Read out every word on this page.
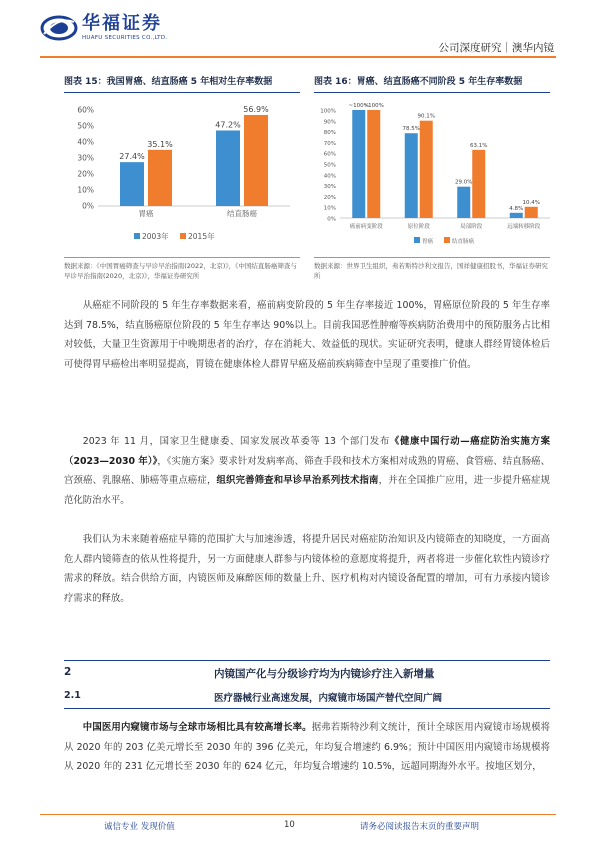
华福证券
HUAFU SECURITIES CO.,LTD.
公司深度研究｜澳华内镜
图表 15：我国胃癌、结直肠癌 5 年相对生存率数据
0%
10%
20%
30%
40%
50%
60%
27.4%
35.1%
胃癌
47.2%
56.9%
结直肠癌
2003年	2015年
数据来源：《中国胃癌筛查与早诊早治指南(2022，北京)》，《中国结直肠癌筛查与早诊早治指南(2020，北京)》，华福证券研究所
图表 16：胃癌、结直肠癌不同阶段 5 年生存率数据
0%
10%
20%
30%
40%
50%
60%
70%
80%
90%
100%
~100%
~100%
癌前病变阶段
78.5%
90.1%
原位阶段
29.0%
63.1%
局部阶段
4.8%
10.4%
远端转移阶段
胃癌	结直肠癌
数据来源：世界卫生组织，弗若斯特沙利文报告，国祥健康招股书，华福证券研究所
从癌症不同阶段的 5 年生存率数据来看，癌前病变阶段的 5 年生存率接近 100%，胃癌原位阶段的 5 年生存率达到 78.5%，结直肠癌原位阶段的 5 年生存率达 90%以上。目前我国恶性肿瘤等疾病防治费用中的预防服务占比相对较低，大量卫生资源用于中晚期患者的治疗，存在消耗大、效益低的现状。实证研究表明，健康人群经胃镜体检后可使得胃早癌检出率明显提高，胃镜在健康体检人群胃早癌及癌前疾病筛查中呈现了重要推广价值。
2023 年 11 月，国家卫生健康委、国家发展改革委等 13 个部门发布《健康中国行动—癌症防治实施方案（2023—2030 年）》，《实施方案》要求针对发病率高、筛查手段和技术方案相对成熟的胃癌、食管癌、结直肠癌、宫颈癌、乳腺癌、肺癌等重点癌症，组织完善筛查和早诊早治系列技术指南，并在全国推广应用，进一步提升癌症规范化防治水平。
我们认为未来随着癌症早筛的范围扩大与加速渗透，将提升居民对癌症防治知识及内镜筛查的知晓度，一方面高危人群内镜筛查的依从性将提升，另一方面健康人群参与内镜体检的意愿度将提升，两者将进一步催化软性内镜诊疗需求的释放。结合供给方面，内镜医师及麻醉医师的数量上升、医疗机构对内镜设备配置的增加，可有力承接内镜诊疗需求的释放。
2	内镜国产化与分级诊疗均为内镜诊疗注入新增量
2.1	医疗器械行业高速发展，内窥镜市场国产替代空间广阔
中国医用内窥镜市场与全球市场相比具有较高增长率。据弗若斯特沙利文统计，预计全球医用内窥镜市场规模将从 2020 年的 203 亿美元增长至 2030 年的 396 亿美元，年均复合增速约 6.9%；预计中国医用内窥镜市场规模将从 2020 年的 231 亿元增长至 2030 年的 624 亿元，年均复合增速约 10.5%，远超同期海外水平。按地区划分，
诚信专业 发现价值	10	请务必阅读报告末页的重要声明
